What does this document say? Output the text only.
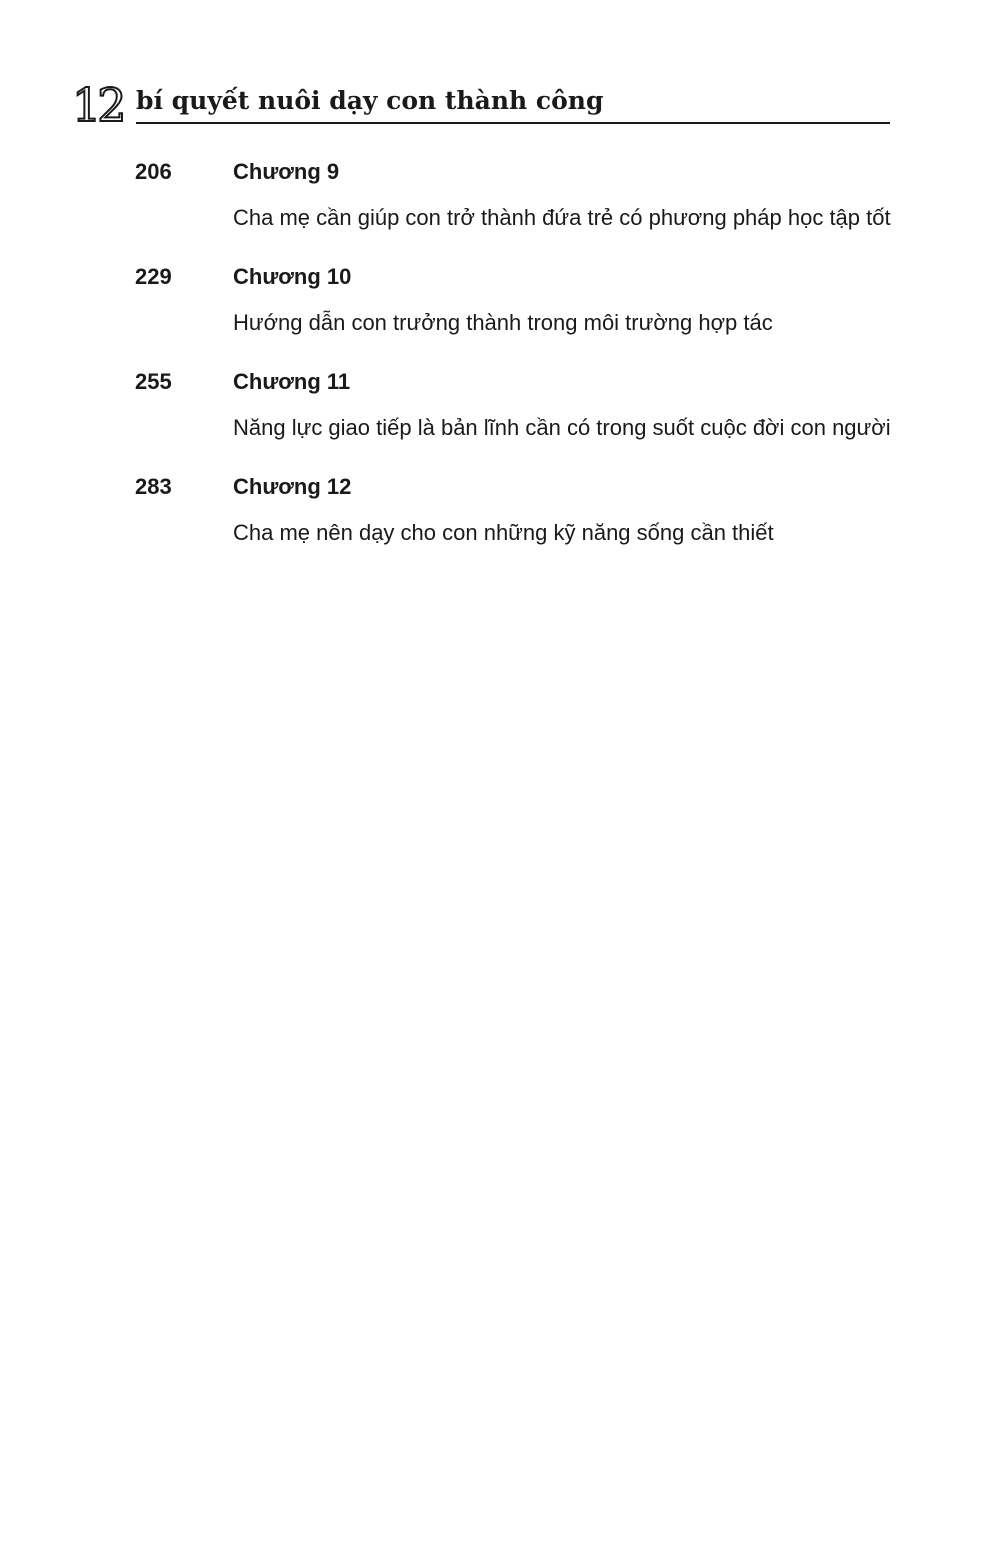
12 bí quyết nuôi dạy con thành công
206	Chương 9
Cha mẹ cần giúp con trở thành đứa trẻ có phương pháp học tập tốt
229	Chương 10
Hướng dẫn con trưởng thành trong môi trường hợp tác
255	Chương 11
Năng lực giao tiếp là bản lĩnh cần có trong suốt cuộc đời con người
283	Chương 12
Cha mẹ nên dạy cho con những kỹ năng sống cần thiết
